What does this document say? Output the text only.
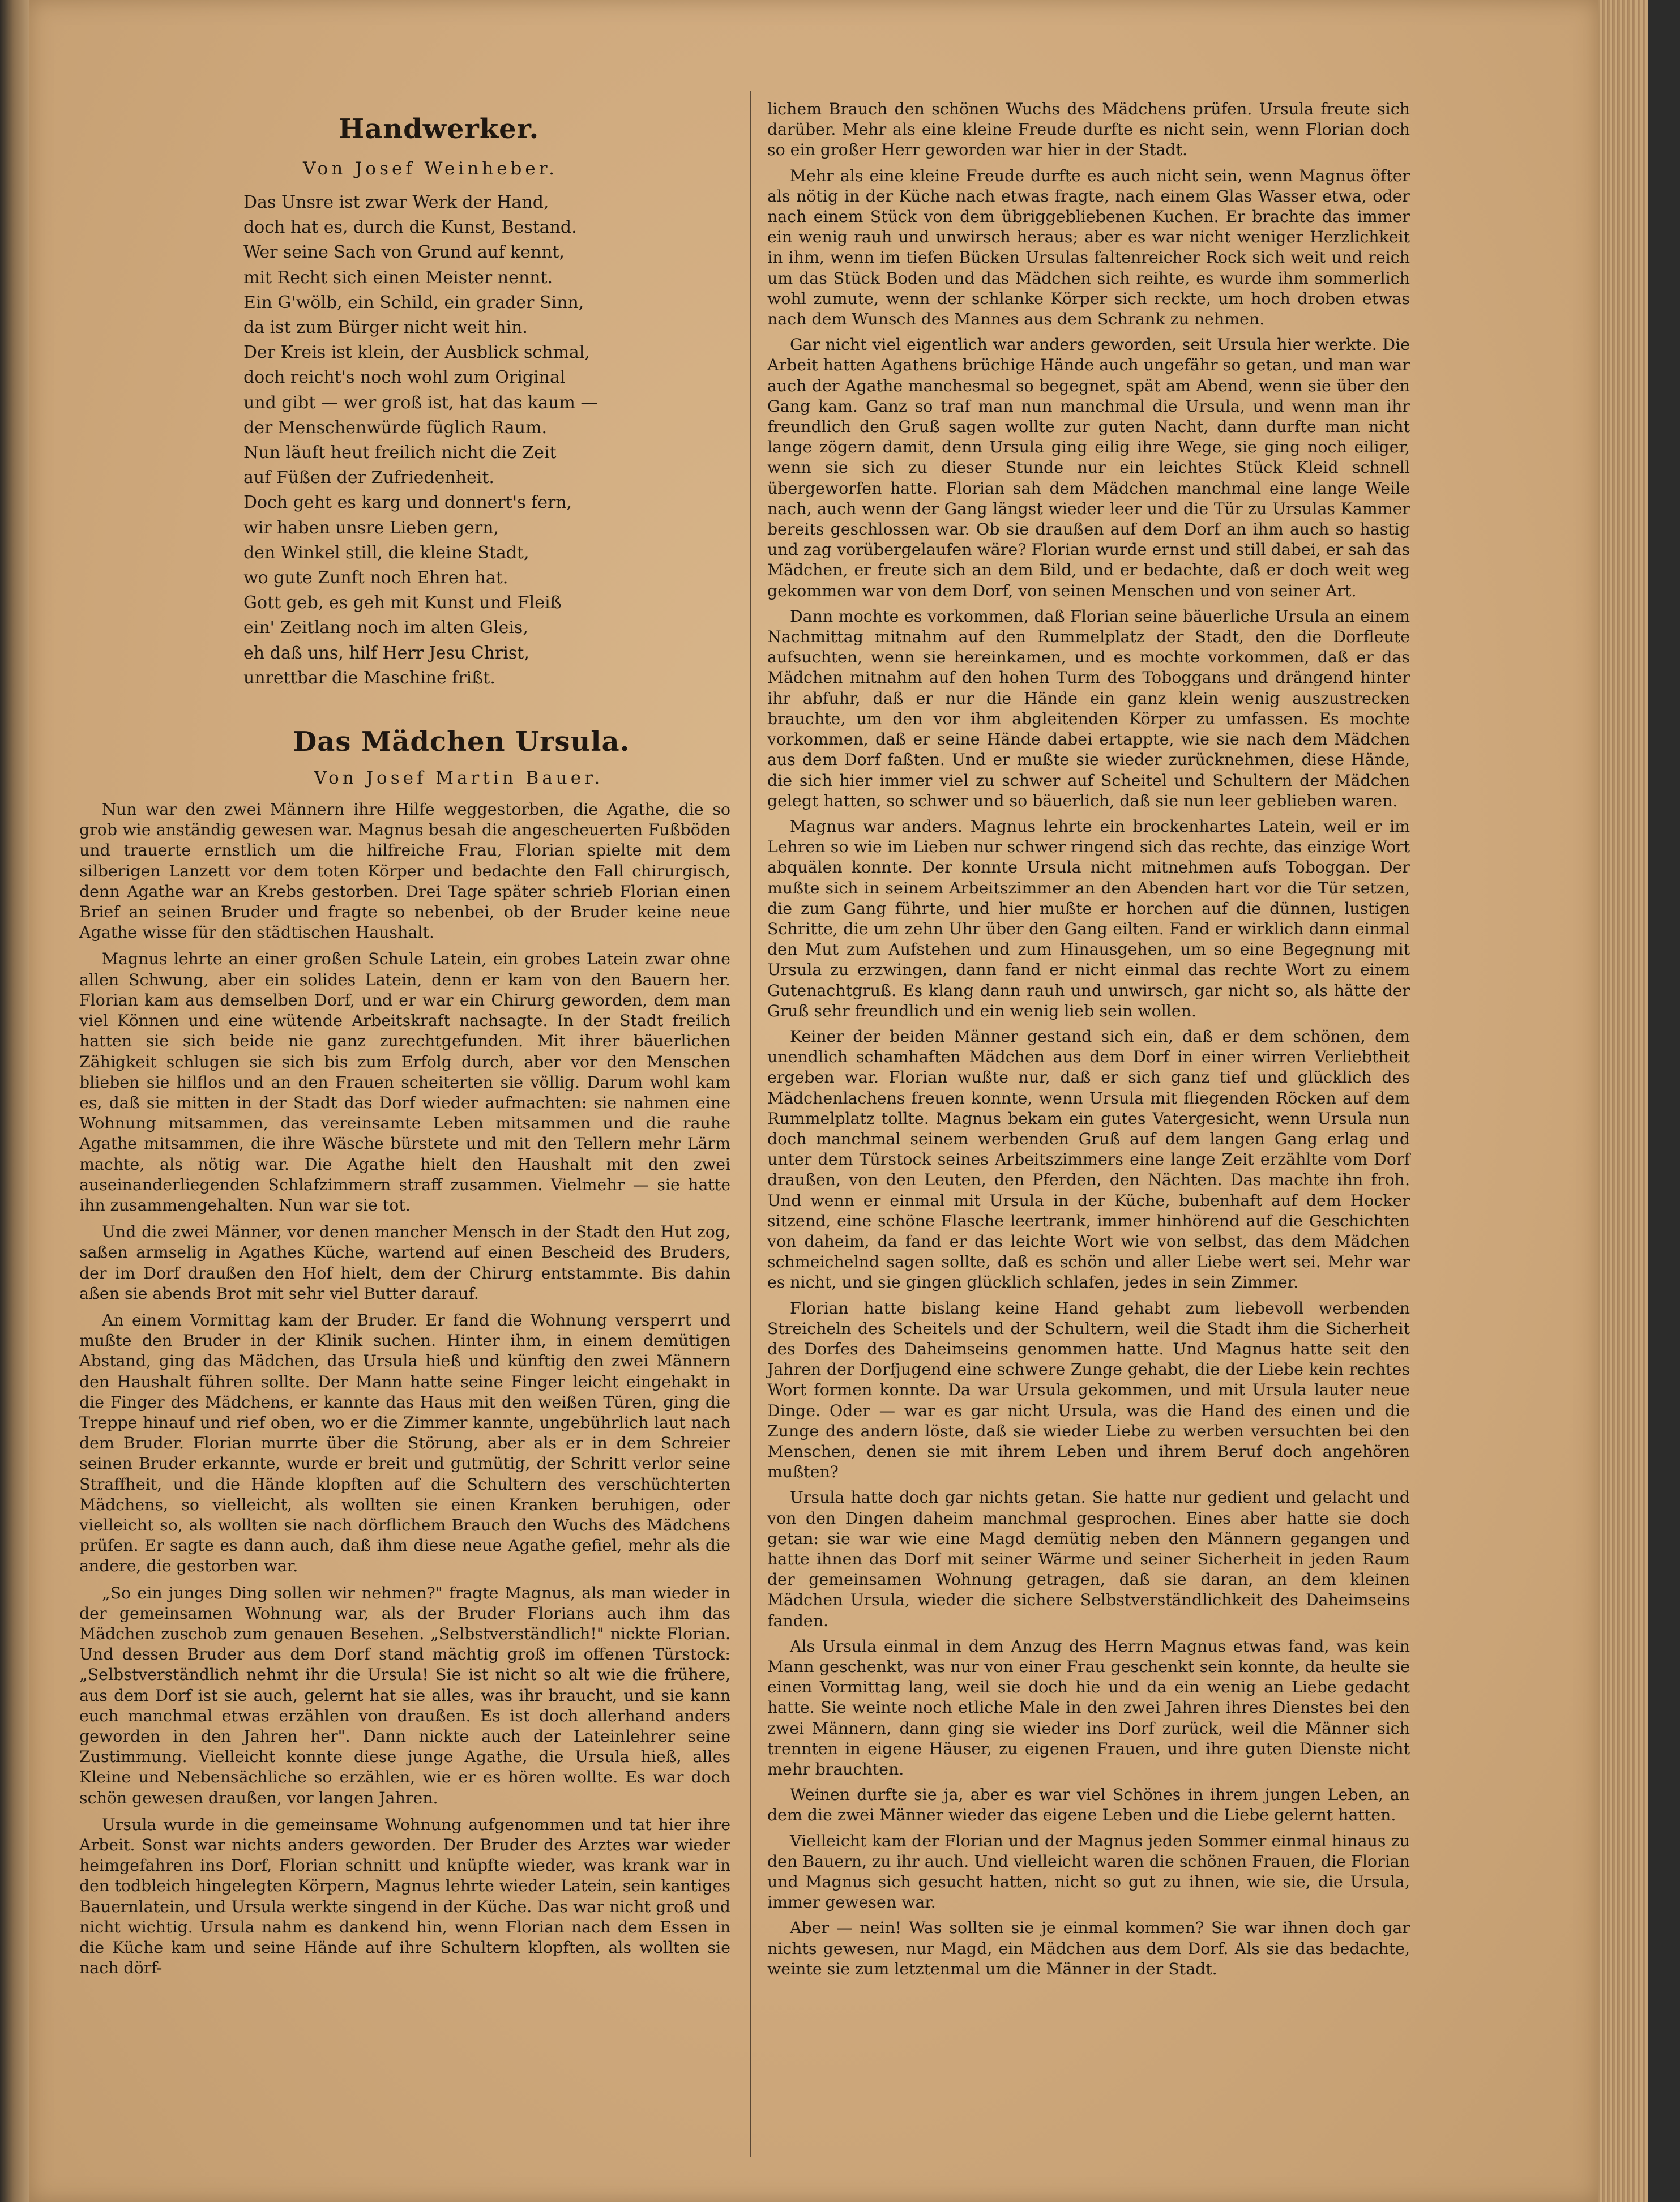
Handwerker.
Von Josef Weinheber.
Das Unsre ist zwar Werk der Hand,
doch hat es, durch die Kunst, Bestand.
Wer seine Sach von Grund auf kennt,
mit Recht sich einen Meister nennt.
Ein G'wölb, ein Schild, ein grader Sinn,
da ist zum Bürger nicht weit hin.
Der Kreis ist klein, der Ausblick schmal,
doch reicht's noch wohl zum Original
und gibt — wer groß ist, hat das kaum —
der Menschenwürde füglich Raum.
Nun läuft heut freilich nicht die Zeit
auf Füßen der Zufriedenheit.
Doch geht es karg und donnert's fern,
wir haben unsre Lieben gern,
den Winkel still, die kleine Stadt,
wo gute Zunft noch Ehren hat.
Gott geb, es geh mit Kunst und Fleiß
ein' Zeitlang noch im alten Gleis,
eh daß uns, hilf Herr Jesu Christ,
unrettbar die Maschine frißt.
Das Mädchen Ursula.
Von Josef Martin Bauer.

Nun war den zwei Männern ihre Hilfe weggestorben, die Agathe, die so grob wie anständig gewesen war. Magnus besah die angescheuerten Fußböden und trauerte ernstlich um die hilfreiche Frau, Florian spielte mit dem silberigen Lanzett vor dem toten Körper und bedachte den Fall chirurgisch, denn Agathe war an Krebs gestorben. Drei Tage später schrieb Florian einen Brief an seinen Bruder und fragte so nebenbei, ob der Bruder keine neue Agathe wisse für den städtischen Haushalt.

Magnus lehrte an einer großen Schule Latein, ein grobes Latein zwar ohne allen Schwung, aber ein solides Latein, denn er kam von den Bauern her. Florian kam aus demselben Dorf, und er war ein Chirurg geworden, dem man viel Können und eine wütende Arbeitskraft nachsagte. In der Stadt freilich hatten sie sich beide nie ganz zurechtgefunden. Mit ihrer bäuerlichen Zähigkeit schlugen sie sich bis zum Erfolg durch, aber vor den Menschen blieben sie hilflos und an den Frauen scheiterten sie völlig. Darum wohl kam es, daß sie mitten in der Stadt das Dorf wieder aufmachten: sie nahmen eine Wohnung mitsammen, das vereinsamte Leben mitsammen und die rauhe Agathe mitsammen, die ihre Wäsche bürstete und mit den Tellern mehr Lärm machte, als nötig war. Die Agathe hielt den Haushalt mit den zwei auseinanderliegenden Schlafzimmern straff zusammen. Vielmehr — sie hatte ihn zusammengehalten. Nun war sie tot.

Und die zwei Männer, vor denen mancher Mensch in der Stadt den Hut zog, saßen armselig in Agathes Küche, wartend auf einen Bescheid des Bruders, der im Dorf draußen den Hof hielt, dem der Chirurg entstammte. Bis dahin aßen sie abends Brot mit sehr viel Butter darauf.

An einem Vormittag kam der Bruder. Er fand die Wohnung versperrt und mußte den Bruder in der Klinik suchen. Hinter ihm, in einem demütigen Abstand, ging das Mädchen, das Ursula hieß und künftig den zwei Männern den Haushalt führen sollte. Der Mann hatte seine Finger leicht eingehakt in die Finger des Mädchens, er kannte das Haus mit den weißen Türen, ging die Treppe hinauf und rief oben, wo er die Zimmer kannte, ungebührlich laut nach dem Bruder. Florian murrte über die Störung, aber als er in dem Schreier seinen Bruder erkannte, wurde er breit und gutmütig, der Schritt verlor seine Straffheit, und die Hände klopften auf die Schultern des verschüchterten Mädchens, so vielleicht, als wollten sie einen Kranken beruhigen, oder vielleicht so, als wollten sie nach dörflichem Brauch den Wuchs des Mädchens prüfen. Er sagte es dann auch, daß ihm diese neue Agathe gefiel, mehr als die andere, die gestorben war.

„So ein junges Ding sollen wir nehmen?" fragte Magnus, als man wieder in der gemeinsamen Wohnung war, als der Bruder Florians auch ihm das Mädchen zuschob zum genauen Besehen. „Selbstverständlich!" nickte Florian. Und dessen Bruder aus dem Dorf stand mächtig groß im offenen Türstock: „Selbstverständlich nehmt ihr die Ursula! Sie ist nicht so alt wie die frühere, aus dem Dorf ist sie auch, gelernt hat sie alles, was ihr braucht, und sie kann euch manchmal etwas erzählen von draußen. Es ist doch allerhand anders geworden in den Jahren her". Dann nickte auch der Lateinlehrer seine Zustimmung. Vielleicht konnte diese junge Agathe, die Ursula hieß, alles Kleine und Nebensächliche so erzählen, wie er es hören wollte. Es war doch schön gewesen draußen, vor langen Jahren.

Ursula wurde in die gemeinsame Wohnung aufgenommen und tat hier ihre Arbeit. Sonst war nichts anders geworden. Der Bruder des Arztes war wieder heimgefahren ins Dorf, Florian schnitt und knüpfte wieder, was krank war in den todbleich hingelegten Körpern, Magnus lehrte wieder Latein, sein kantiges Bauernlatein, und Ursula werkte singend in der Küche. Das war nicht groß und nicht wichtig. Ursula nahm es dankend hin, wenn Florian nach dem Essen in die Küche kam und seine Hände auf ihre Schultern klopften, als wollten sie nach dörf-

lichem Brauch den schönen Wuchs des Mädchens prüfen. Ursula freute sich darüber. Mehr als eine kleine Freude durfte es nicht sein, wenn Florian doch so ein großer Herr geworden war hier in der Stadt.

Mehr als eine kleine Freude durfte es auch nicht sein, wenn Magnus öfter als nötig in der Küche nach etwas fragte, nach einem Glas Wasser etwa, oder nach einem Stück von dem übriggebliebenen Kuchen. Er brachte das immer ein wenig rauh und unwirsch heraus; aber es war nicht weniger Herzlichkeit in ihm, wenn im tiefen Bücken Ursulas faltenreicher Rock sich weit und reich um das Stück Boden und das Mädchen sich reihte, es wurde ihm sommerlich wohl zumute, wenn der schlanke Körper sich reckte, um hoch droben etwas nach dem Wunsch des Mannes aus dem Schrank zu nehmen.

Gar nicht viel eigentlich war anders geworden, seit Ursula hier werkte. Die Arbeit hatten Agathens brüchige Hände auch ungefähr so getan, und man war auch der Agathe manchesmal so begegnet, spät am Abend, wenn sie über den Gang kam. Ganz so traf man nun manchmal die Ursula, und wenn man ihr freundlich den Gruß sagen wollte zur guten Nacht, dann durfte man nicht lange zögern damit, denn Ursula ging eilig ihre Wege, sie ging noch eiliger, wenn sie sich zu dieser Stunde nur ein leichtes Stück Kleid schnell übergeworfen hatte. Florian sah dem Mädchen manchmal eine lange Weile nach, auch wenn der Gang längst wieder leer und die Tür zu Ursulas Kammer bereits geschlossen war. Ob sie draußen auf dem Dorf an ihm auch so hastig und zag vorübergelaufen wäre? Florian wurde ernst und still dabei, er sah das Mädchen, er freute sich an dem Bild, und er bedachte, daß er doch weit weg gekommen war von dem Dorf, von seinen Menschen und von seiner Art.

Dann mochte es vorkommen, daß Florian seine bäuerliche Ursula an einem Nachmittag mitnahm auf den Rummelplatz der Stadt, den die Dorfleute aufsuchten, wenn sie hereinkamen, und es mochte vorkommen, daß er das Mädchen mitnahm auf den hohen Turm des Toboggans und drängend hinter ihr abfuhr, daß er nur die Hände ein ganz klein wenig auszustrecken brauchte, um den vor ihm abgleitenden Körper zu umfassen. Es mochte vorkommen, daß er seine Hände dabei ertappte, wie sie nach dem Mädchen aus dem Dorf faßten. Und er mußte sie wieder zurücknehmen, diese Hände, die sich hier immer viel zu schwer auf Scheitel und Schultern der Mädchen gelegt hatten, so schwer und so bäuerlich, daß sie nun leer geblieben waren.

Magnus war anders. Magnus lehrte ein brockenhartes Latein, weil er im Lehren so wie im Lieben nur schwer ringend sich das rechte, das einzige Wort abquälen konnte. Der konnte Ursula nicht mitnehmen aufs Toboggan. Der mußte sich in seinem Arbeitszimmer an den Abenden hart vor die Tür setzen, die zum Gang führte, und hier mußte er horchen auf die dünnen, lustigen Schritte, die um zehn Uhr über den Gang eilten. Fand er wirklich dann einmal den Mut zum Aufstehen und zum Hinausgehen, um so eine Begegnung mit Ursula zu erzwingen, dann fand er nicht einmal das rechte Wort zu einem Gutenachtgruß. Es klang dann rauh und unwirsch, gar nicht so, als hätte der Gruß sehr freundlich und ein wenig lieb sein wollen.

Keiner der beiden Männer gestand sich ein, daß er dem schönen, dem unendlich schamhaften Mädchen aus dem Dorf in einer wirren Verliebtheit ergeben war. Florian wußte nur, daß er sich ganz tief und glücklich des Mädchenlachens freuen konnte, wenn Ursula mit fliegenden Röcken auf dem Rummelplatz tollte. Magnus bekam ein gutes Vatergesicht, wenn Ursula nun doch manchmal seinem werbenden Gruß auf dem langen Gang erlag und unter dem Türstock seines Arbeitszimmers eine lange Zeit erzählte vom Dorf draußen, von den Leuten, den Pferden, den Nächten. Das machte ihn froh. Und wenn er einmal mit Ursula in der Küche, bubenhaft auf dem Hocker sitzend, eine schöne Flasche leertrank, immer hinhörend auf die Geschichten von daheim, da fand er das leichte Wort wie von selbst, das dem Mädchen schmeichelnd sagen sollte, daß es schön und aller Liebe wert sei. Mehr war es nicht, und sie gingen glücklich schlafen, jedes in sein Zimmer.

Florian hatte bislang keine Hand gehabt zum liebevoll werbenden Streicheln des Scheitels und der Schultern, weil die Stadt ihm die Sicherheit des Dorfes des Daheimseins genommen hatte. Und Magnus hatte seit den Jahren der Dorfjugend eine schwere Zunge gehabt, die der Liebe kein rechtes Wort formen konnte. Da war Ursula gekommen, und mit Ursula lauter neue Dinge. Oder — war es gar nicht Ursula, was die Hand des einen und die Zunge des andern löste, daß sie wieder Liebe zu werben versuchten bei den Menschen, denen sie mit ihrem Leben und ihrem Beruf doch angehören mußten?

Ursula hatte doch gar nichts getan. Sie hatte nur gedient und gelacht und von den Dingen daheim manchmal gesprochen. Eines aber hatte sie doch getan: sie war wie eine Magd demütig neben den Männern gegangen und hatte ihnen das Dorf mit seiner Wärme und seiner Sicherheit in jeden Raum der gemeinsamen Wohnung getragen, daß sie daran, an dem kleinen Mädchen Ursula, wieder die sichere Selbstverständlichkeit des Daheimseins fanden.

Als Ursula einmal in dem Anzug des Herrn Magnus etwas fand, was kein Mann geschenkt, was nur von einer Frau geschenkt sein konnte, da heulte sie einen Vormittag lang, weil sie doch hie und da ein wenig an Liebe gedacht hatte. Sie weinte noch etliche Male in den zwei Jahren ihres Dienstes bei den zwei Männern, dann ging sie wieder ins Dorf zurück, weil die Männer sich trennten in eigene Häuser, zu eigenen Frauen, und ihre guten Dienste nicht mehr brauchten.

Weinen durfte sie ja, aber es war viel Schönes in ihrem jungen Leben, an dem die zwei Männer wieder das eigene Leben und die Liebe gelernt hatten.

Vielleicht kam der Florian und der Magnus jeden Sommer einmal hinaus zu den Bauern, zu ihr auch. Und vielleicht waren die schönen Frauen, die Florian und Magnus sich gesucht hatten, nicht so gut zu ihnen, wie sie, die Ursula, immer gewesen war.

Aber — nein! Was sollten sie je einmal kommen? Sie war ihnen doch gar nichts gewesen, nur Magd, ein Mädchen aus dem Dorf. Als sie das bedachte, weinte sie zum letztenmal um die Männer in der Stadt.
